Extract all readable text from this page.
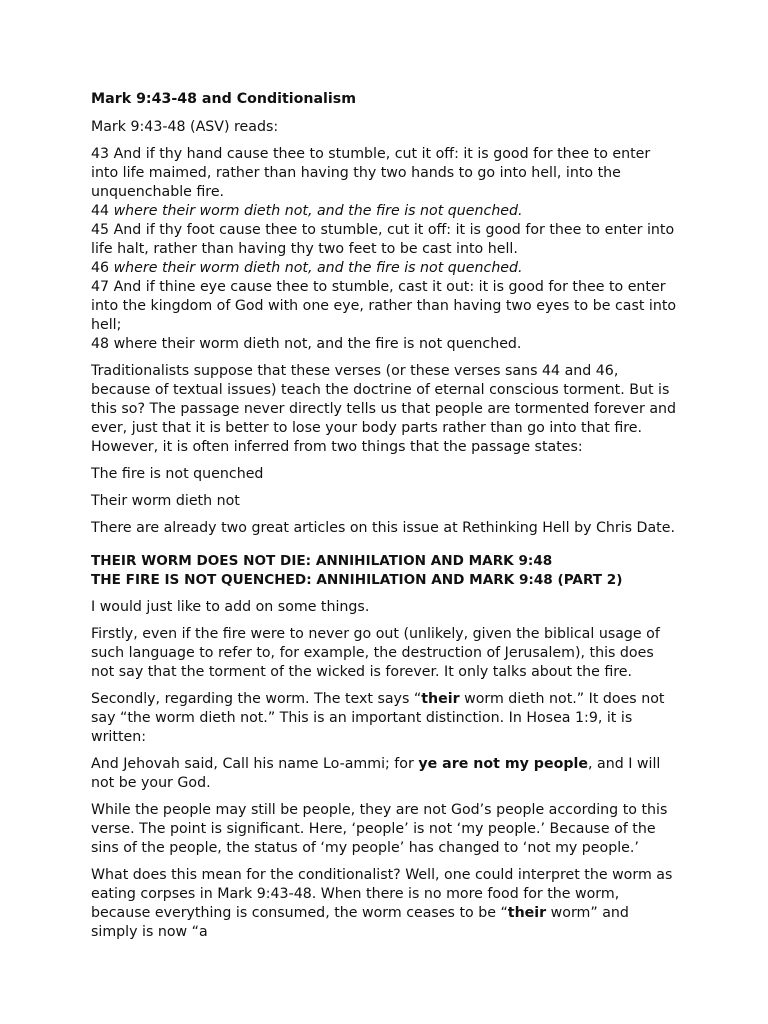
Mark 9:43-48 and Conditionalism

Mark 9:43-48 (ASV) reads:

43 And if thy hand cause thee to stumble, cut it off: it is good for thee to enter into life maimed, rather than having thy two hands to go into hell, into the unquenchable fire.
44 where their worm dieth not, and the fire is not quenched.
45 And if thy foot cause thee to stumble, cut it off: it is good for thee to enter into life halt, rather than having thy two feet to be cast into hell.
46 where their worm dieth not, and the fire is not quenched.
47 And if thine eye cause thee to stumble, cast it out: it is good for thee to enter into the kingdom of God with one eye, rather than having two eyes to be cast into hell;
48 where their worm dieth not, and the fire is not quenched.

Traditionalists suppose that these verses (or these verses sans 44 and 46, because of textual issues) teach the doctrine of eternal conscious torment. But is this so? The passage never directly tells us that people are tormented forever and ever, just that it is better to lose your body parts rather than go into that fire. However, it is often inferred from two things that the passage states:

The fire is not quenched

Their worm dieth not

There are already two great articles on this issue at Rethinking Hell by Chris Date.

THEIR WORM DOES NOT DIE: ANNIHILATION AND MARK 9:48
THE FIRE IS NOT QUENCHED: ANNIHILATION AND MARK 9:48 (PART 2)

I would just like to add on some things.

Firstly, even if the fire were to never go out (unlikely, given the biblical usage of such language to refer to, for example, the destruction of Jerusalem), this does not say that the torment of the wicked is forever. It only talks about the fire.

Secondly, regarding the worm. The text says “their worm dieth not.” It does not say “the worm dieth not.” This is an important distinction. In Hosea 1:9, it is written:

And Jehovah said, Call his name Lo-ammi; for ye are not my people, and I will not be your God.

While the people may still be people, they are not God’s people according to this verse. The point is significant. Here, ‘people’ is not ‘my people.’ Because of the sins of the people, the status of ‘my people’ has changed to ‘not my people.’

What does this mean for the conditionalist? Well, one could interpret the worm as eating corpses in Mark 9:43-48. When there is no more food for the worm, because everything is consumed, the worm ceases to be “their worm” and simply is now “a
